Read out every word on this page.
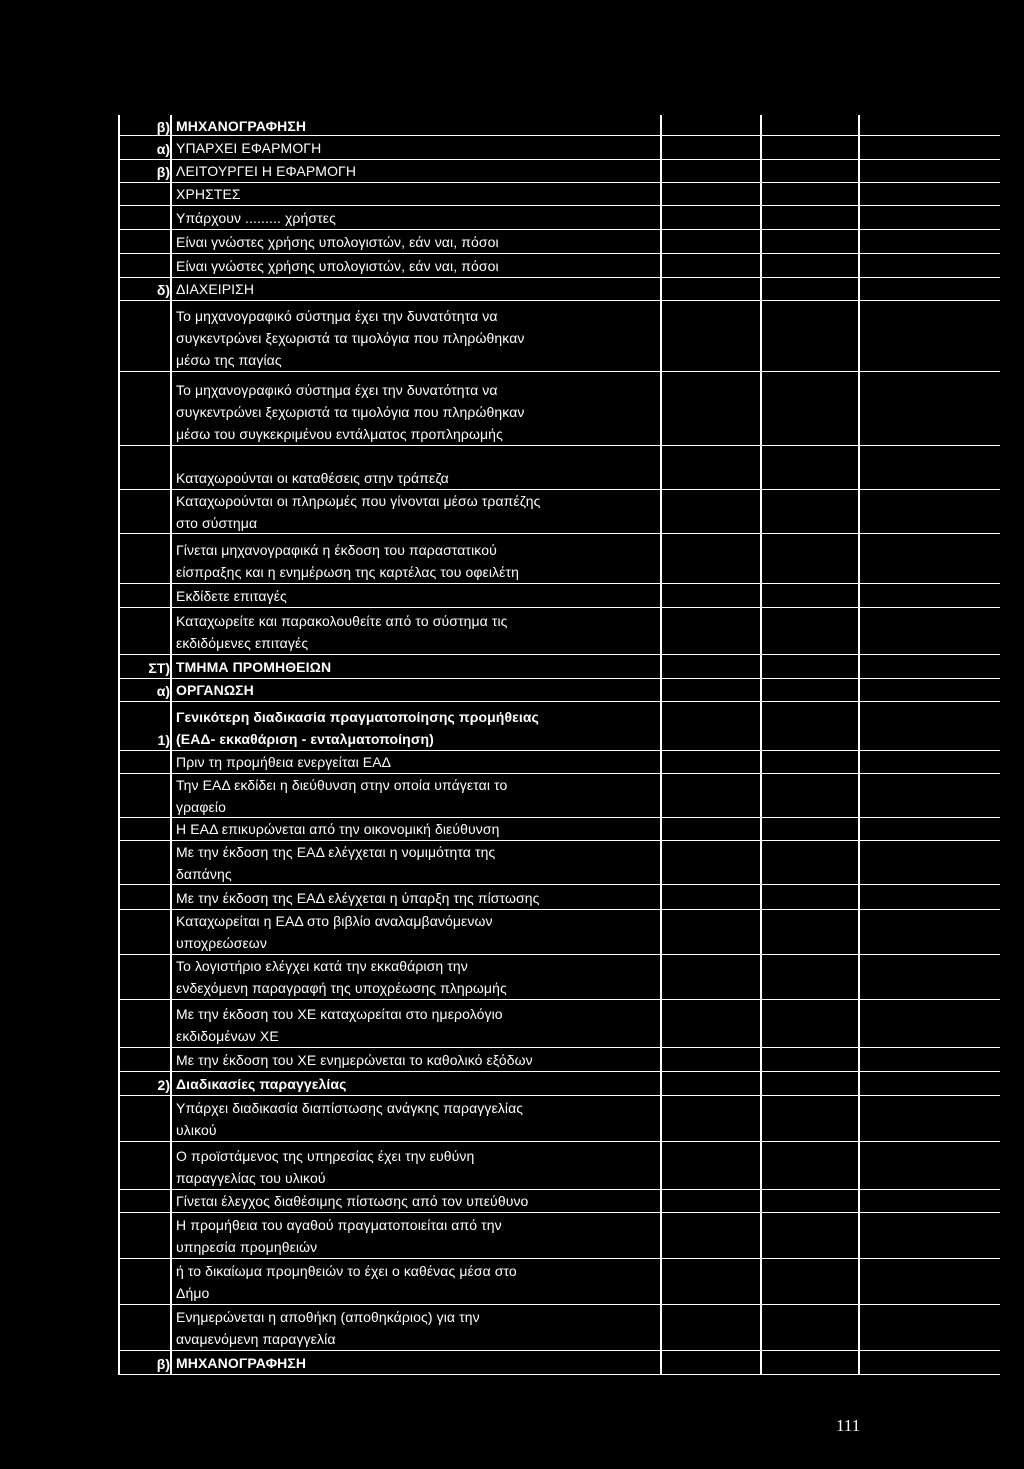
β) ΜΗΧΑΝΟΓΡΑΦΗΣΗ
α) ΥΠΑΡΧΕΙ ΕΦΑΡΜΟΓΗ
β) ΛΕΙΤΟΥΡΓΕΙ Η ΕΦΑΡΜΟΓΗ
ΧΡΗΣΤΕΣ
Υπάρχουν ......... χρήστες
Είναι γνώστες χρήσης υπολογιστών, εάν ναι, πόσοι
Είναι γνώστες χρήσης υπολογιστών, εάν ναι, πόσοι
δ) ΔΙΑΧΕΙΡΙΣΗ
Το μηχανογραφικό σύστημα έχει την δυνατότητα να
συγκεντρώνει ξεχωριστά τα τιμολόγια που πληρώθηκαν
μέσω της παγίας
Το μηχανογραφικό σύστημα έχει την δυνατότητα να
συγκεντρώνει ξεχωριστά τα τιμολόγια που πληρώθηκαν
μέσω του συγκεκριμένου εντάλματος προπληρωμής
Καταχωρούνται οι καταθέσεις στην τράπεζα
Καταχωρούνται οι πληρωμές που γίνονται μέσω τραπέζης
στο σύστημα
Γίνεται μηχανογραφικά η έκδοση του παραστατικού
είσπραξης και η ενημέρωση της καρτέλας του οφειλέτη
Εκδίδετε επιταγές
Καταχωρείτε και παρακολουθείτε από το σύστημα τις
εκδιδόμενες επιταγές
ΣΤ) ΤΜΗΜΑ ΠΡΟΜΗΘΕΙΩΝ
α) ΟΡΓΑΝΩΣΗ
1)
Γενικότερη διαδικασία πραγματοποίησης προμήθειας
(ΕΑΔ- εκκαθάριση - ενταλματοποίηση)
Πριν τη προμήθεια ενεργείται ΕΑΔ
Την ΕΑΔ εκδίδει η διεύθυνση στην οποία υπάγεται το
γραφείο
Η ΕΑΔ επικυρώνεται από την οικονομική διεύθυνση
Με την έκδοση της ΕΑΔ ελέγχεται η νομιμότητα της
δαπάνης
Με την έκδοση της ΕΑΔ ελέγχεται η ύπαρξη της πίστωσης
Καταχωρείται η ΕΑΔ στο βιβλίο αναλαμβανόμενων
υποχρεώσεων
Το λογιστήριο ελέγχει κατά την εκκαθάριση την
ενδεχόμενη παραγραφή της υποχρέωσης πληρωμής
Με την έκδοση του ΧΕ καταχωρείται στο ημερολόγιο
εκδιδομένων ΧΕ
Με την έκδοση του ΧΕ ενημερώνεται το καθολικό εξόδων
2) Διαδικασίες παραγγελίας
Υπάρχει διαδικασία διαπίστωσης ανάγκης παραγγελίας
υλικού
Ο προϊστάμενος της υπηρεσίας έχει την ευθύνη
παραγγελίας του υλικού
Γίνεται έλεγχος διαθέσιμης πίστωσης από τον υπεύθυνο
Η προμήθεια του αγαθού πραγματοποιείται από την
υπηρεσία προμηθειών
ή το δικαίωμα προμηθειών το έχει ο καθένας μέσα στο
Δήμο
Ενημερώνεται η αποθήκη (αποθηκάριος) για την
αναμενόμενη παραγγελία
β) ΜΗΧΑΝΟΓΡΑΦΗΣΗ
111
